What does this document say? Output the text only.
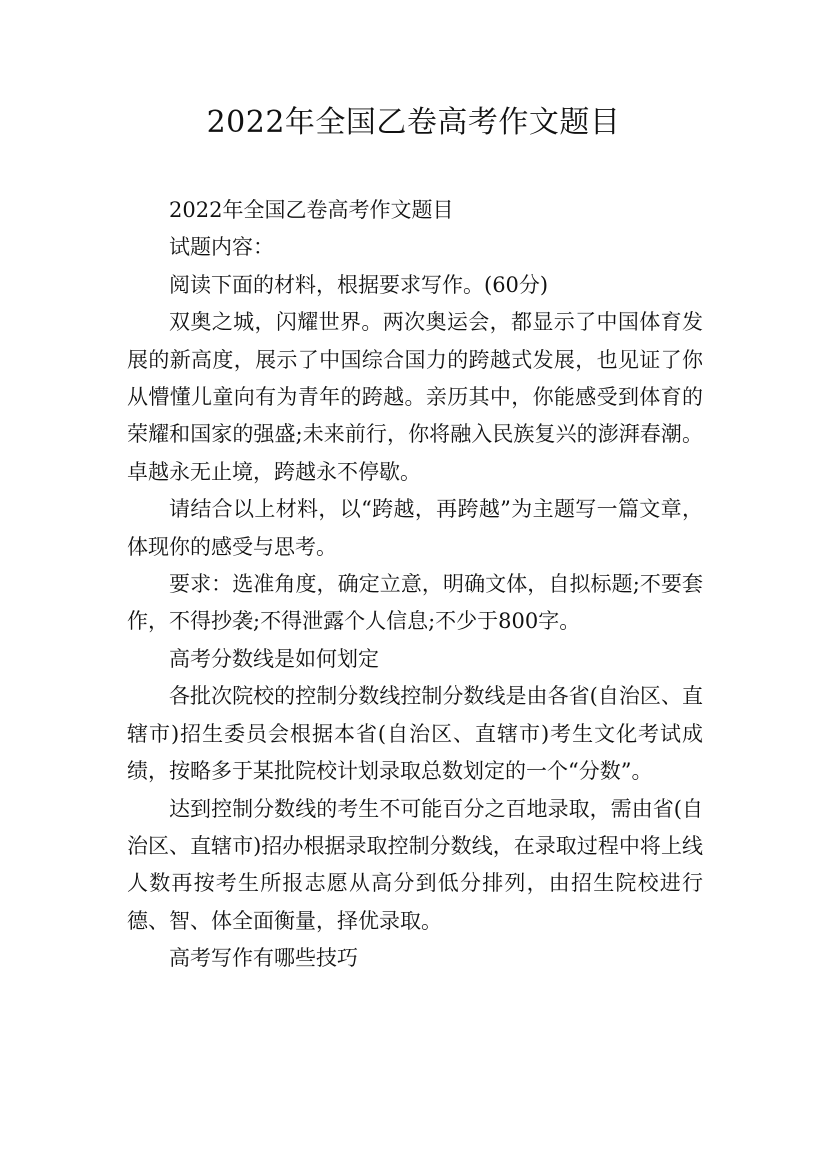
2022年全国乙卷高考作文题目

2022年全国乙卷高考作文题目

试题内容：

阅读下面的材料，根据要求写作。(60分)

双奥之城，闪耀世界。两次奥运会，都显示了中国体育发展的新高度，展示了中国综合国力的跨越式发展，也见证了你从懵懂儿童向有为青年的跨越。亲历其中，你能感受到体育的荣耀和国家的强盛;未来前行，你将融入民族复兴的澎湃春潮。卓越永无止境，跨越永不停歇。

请结合以上材料，以“跨越，再跨越”为主题写一篇文章，体现你的感受与思考。

要求：选准角度，确定立意，明确文体，自拟标题;不要套作，不得抄袭;不得泄露个人信息;不少于800字。

高考分数线是如何划定

各批次院校的控制分数线控制分数线是由各省(自治区、直辖市)招生委员会根据本省(自治区、直辖市)考生文化考试成绩，按略多于某批院校计划录取总数划定的一个“分数”。

达到控制分数线的考生不可能百分之百地录取，需由省(自治区、直辖市)招办根据录取控制分数线，在录取过程中将上线人数再按考生所报志愿从高分到低分排列，由招生院校进行德、智、体全面衡量，择优录取。

高考写作有哪些技巧
